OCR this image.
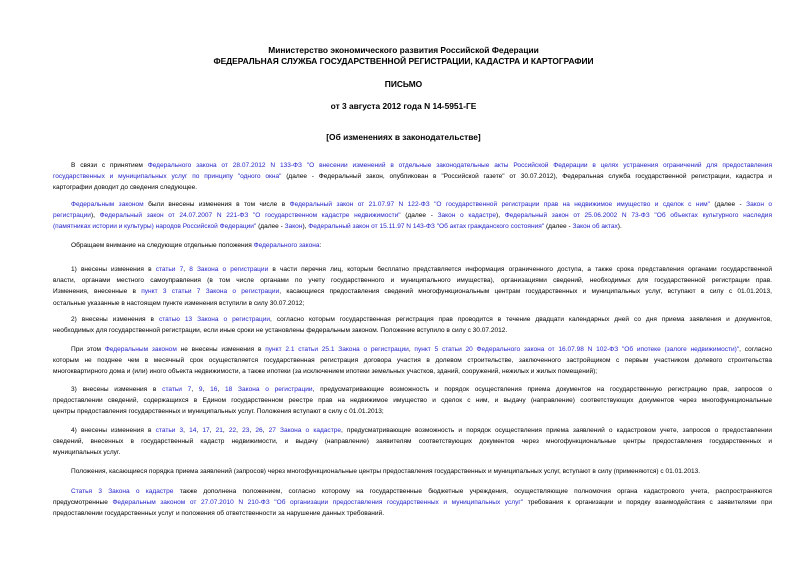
Министерство экономического развития Российской Федерации
ФЕДЕРАЛЬНАЯ СЛУЖБА ГОСУДАРСТВЕННОЙ РЕГИСТРАЦИИ, КАДАСТРА И КАРТОГРАФИИ
ПИСЬМО
от 3 августа 2012 года N 14-5951-ГЕ
[Об изменениях в законодательстве]
В связи с принятием Федерального закона от 28.07.2012 N 133-ФЗ "О внесении изменений в отдельные законодательные акты Российской Федерации в целях устранения ограничений для предоставления
государственных и муниципальных услуг по принципу "одного окна" (далее - Федеральный закон, опубликован в "Российской газете" от 30.07.2012), Федеральная служба государственной регистрации, кадастра и
картографии доводит до сведения следующее.
Федеральным законом были внесены изменения в том числе в Федеральный закон от 21.07.97 N 122-ФЗ "О государственной регистрации прав на недвижимое имущество и сделок с ним" (далее - Закон о
регистрации), Федеральный закон от 24.07.2007 N 221-ФЗ "О государственном кадастре недвижимости" (далее - Закон о кадастре), Федеральный закон от 25.06.2002 N 73-ФЗ "Об объектах культурного наследия
(памятниках истории и культуры) народов Российской Федерации" (далее - Закон), Федеральный закон от 15.11.97 N 143-ФЗ "Об актах гражданского состояния" (далее - Закон об актах).
Обращаем внимание на следующие отдельные положения Федерального закона:
1) внесены изменения в статьи 7, 8 Закона о регистрации в части перечня лиц, которым бесплатно представляется информация ограниченного доступа, а также срока представления органами государственной
власти, органами местного самоуправления (в том числе органами по учету государственного и муниципального имущества), организациями сведений, необходимых для государственной регистрации прав.
Изменения, внесенные в пункт 3 статьи 7 Закона о регистрации, касающиеся предоставления сведений многофункциональным центрам государственных и муниципальных услуг, вступают в силу с 01.01.2013,
остальные указанные в настоящем пункте изменения вступили в силу 30.07.2012;
2) внесены изменения в статью 13 Закона о регистрации, согласно которым государственная регистрация прав проводится в течение двадцати календарных дней со дня приема заявления и документов,
необходимых для государственной регистрации, если иные сроки не установлены федеральным законом. Положение вступило в силу с 30.07.2012.
При этом Федеральным законом не внесены изменения в пункт 2.1 статьи 25.1 Закона о регистрации, пункт 5 статьи 20 Федерального закона от 16.07.98 N 102-ФЗ "Об ипотеке (залоге недвижимости)", согласно
которым не позднее чем в месячный срок осуществляется государственная регистрация договора участия в долевом строительстве, заключенного застройщиком с первым участником долевого строительства
многоквартирного дома и (или) иного объекта недвижимости, а также ипотеки (за исключением ипотеки земельных участков, зданий, сооружений, нежилых и жилых помещений);
3) внесены изменения в статьи 7, 9, 16, 18 Закона о регистрации, предусматривающие возможность и порядок осуществления приема документов на государственную регистрацию прав, запросов о
предоставлении сведений, содержащихся в Едином государственном реестре прав на недвижимое имущество и сделок с ним, и выдачу (направление) соответствующих документов через многофункциональные
центры предоставления государственных и муниципальных услуг. Положения вступают в силу с 01.01.2013;
4) внесены изменения в статьи 3, 14, 17, 21, 22, 23, 26, 27 Закона о кадастре, предусматривающие возможность и порядок осуществления приема заявлений о кадастровом учете, запросов о предоставлении
сведений, внесенных в государственный кадастр недвижимости, и выдачу (направление) заявителям соответствующих документов через многофункциональные центры предоставления государственных и
муниципальных услуг.
Положения, касающиеся порядка приема заявлений (запросов) через многофункциональные центры предоставления государственных и муниципальных услуг, вступают в силу (применяются) с 01.01.2013.
Статья 3 Закона о кадастре также дополнена положением, согласно которому на государственные бюджетные учреждения, осуществляющие полномочия органа кадастрового учета, распространяются
предусмотренные Федеральным законом от 27.07.2010 N 210-ФЗ "Об организации предоставления государственных и муниципальных услуг" требования к организации и порядку взаимодействия с заявителями при
предоставлении государственных услуг и положения об ответственности за нарушение данных требований.
